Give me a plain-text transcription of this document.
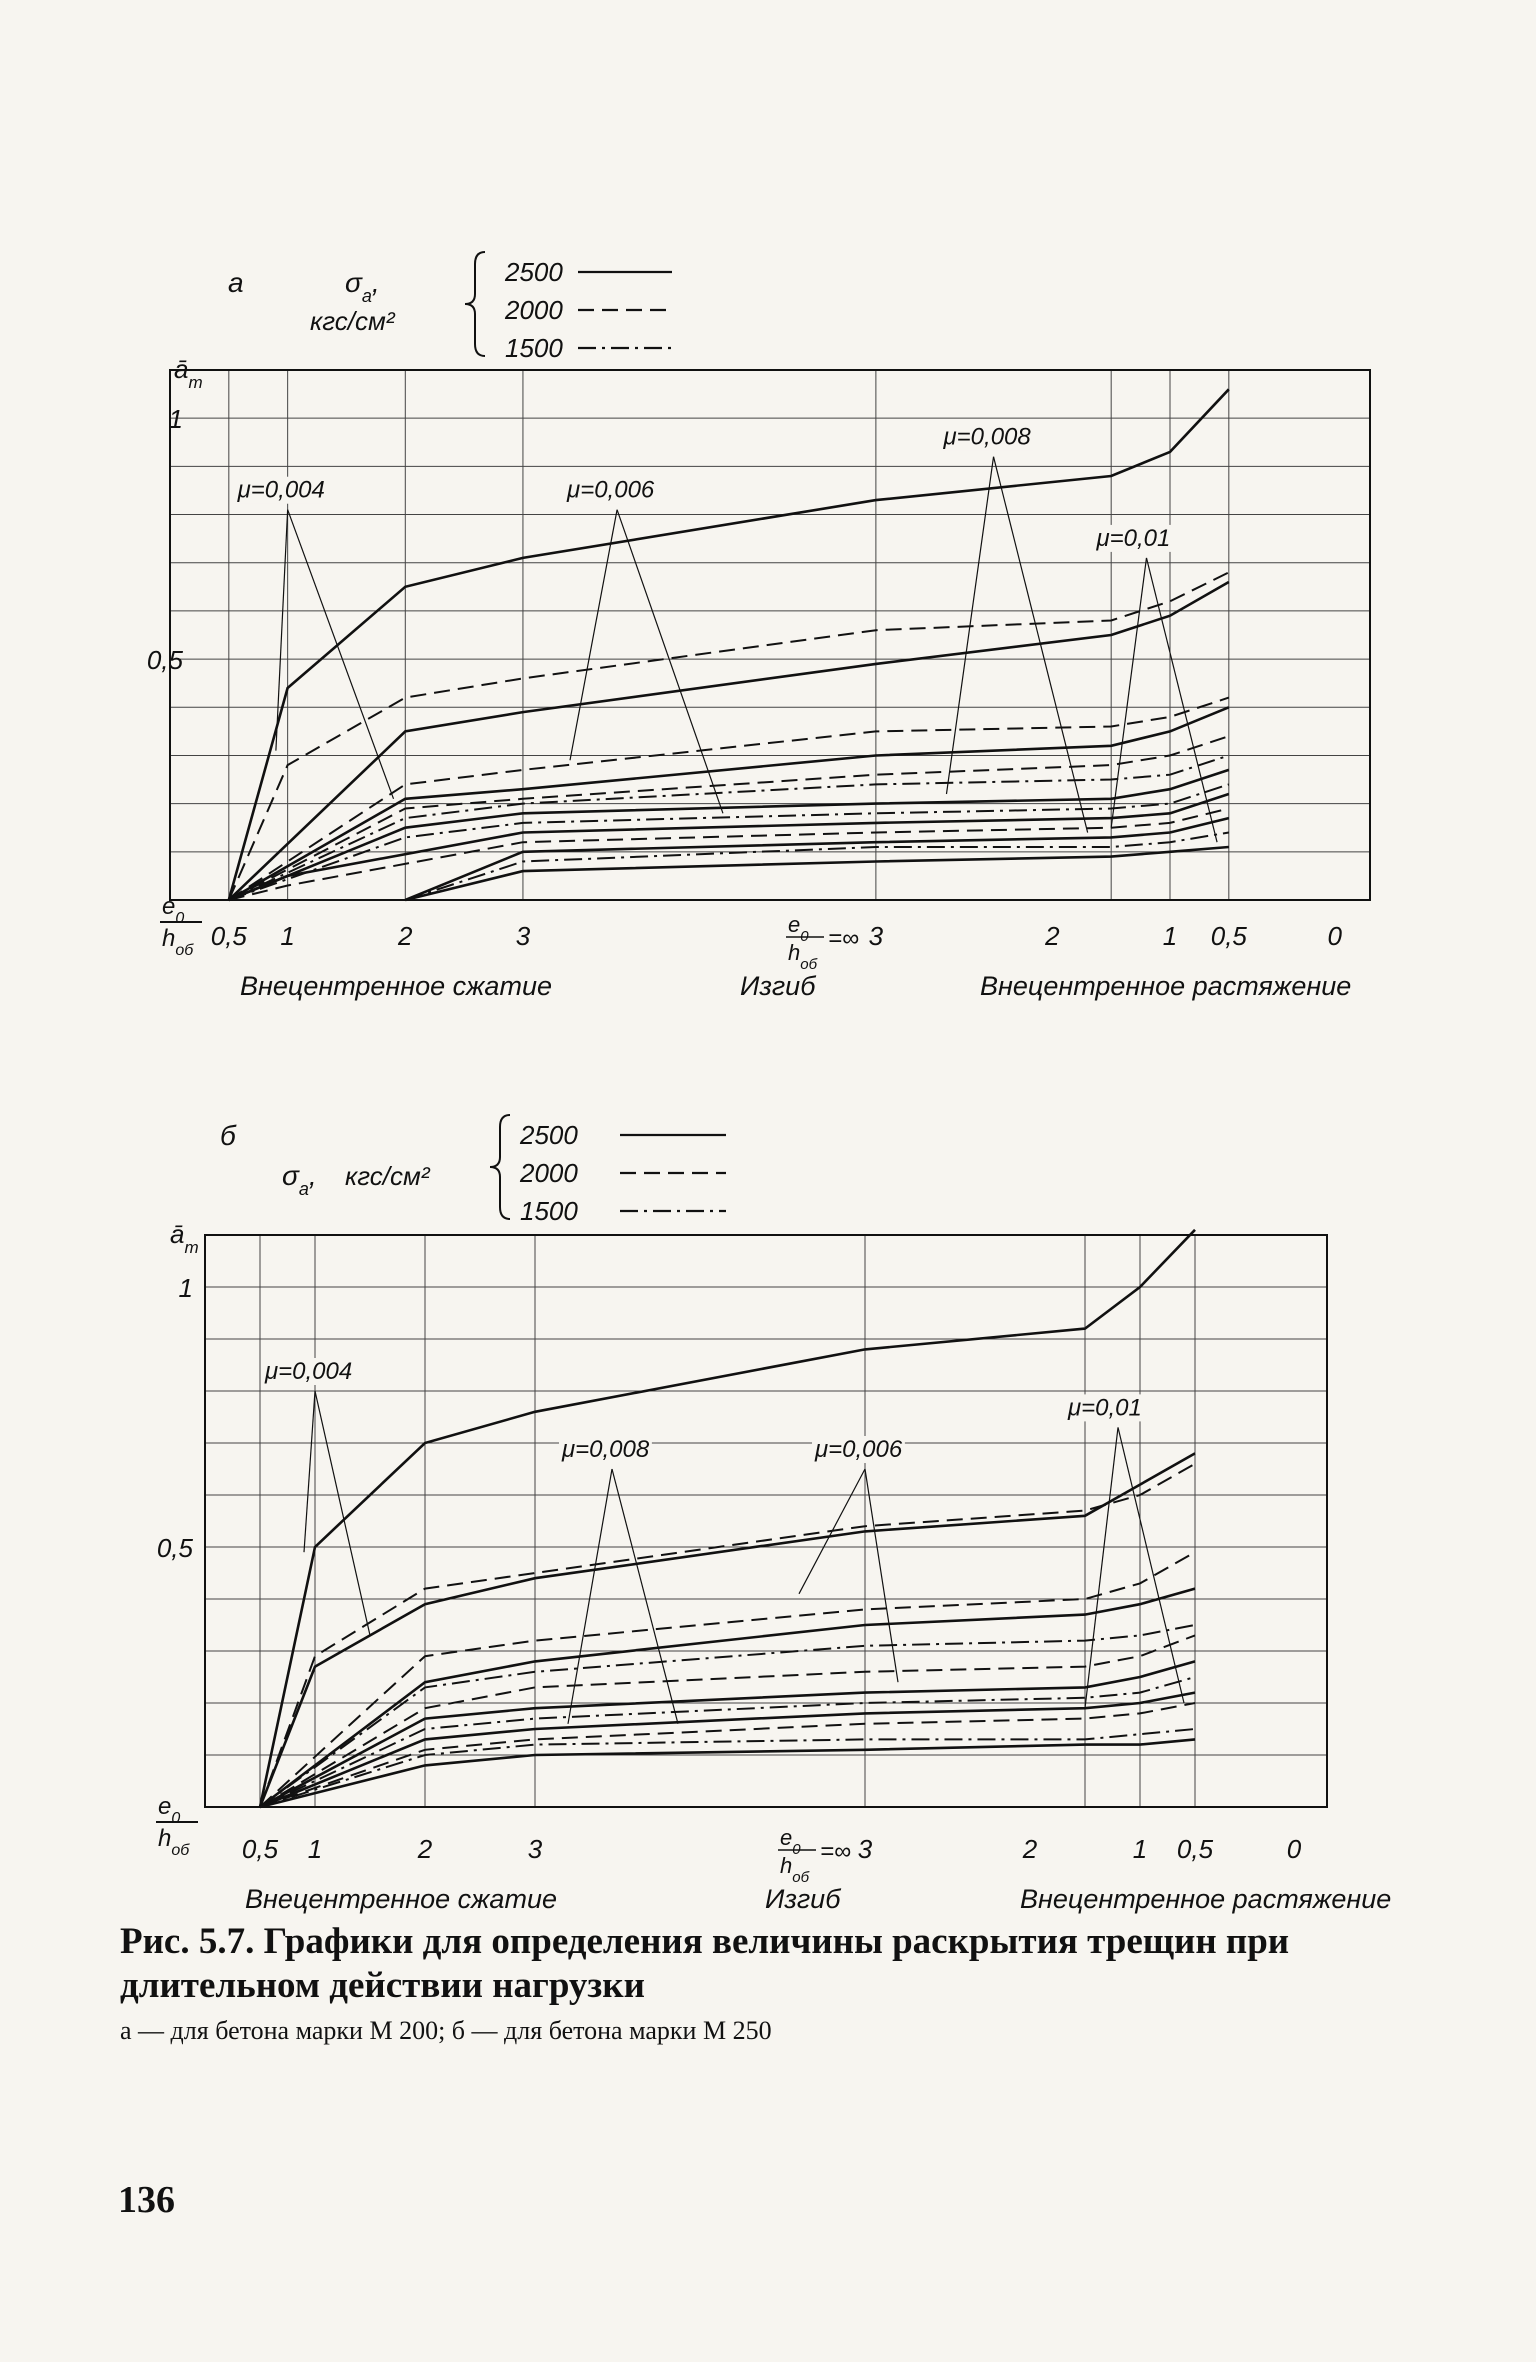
а	$\sigma_a$,
кгс/см²
2500
2000
1500
$ā_т$
1
0,5
$e_0$
$h_{об}$ 0,5 1	2	3	3	2	1 0,5	0
$e_0$
$h_{об}$
=∞
Внецентренное сжатие	Изгиб	Внецентренное растяжение
μ=0,004	μ=0,006
μ=0,008
μ=0,01
б
$\sigma_a$, кгс/см²
2500
2000
1500
$ā_т$
1
0,5
$e_0$
$h_{об}$ 0,5 1	2	3	3	2	1 0,5	0
$e_0$
$h_{об}$
=∞
Внецентренное сжатие	Изгиб	Внецентренное растяжение
μ=0,004
μ=0,008	μ=0,006
μ=0,01

Рис. 5.7. Графики для определения величины раскрытия трещин при длительном действии нагрузки

а — для бетона марки М 200; б — для бетона марки М 250
136
